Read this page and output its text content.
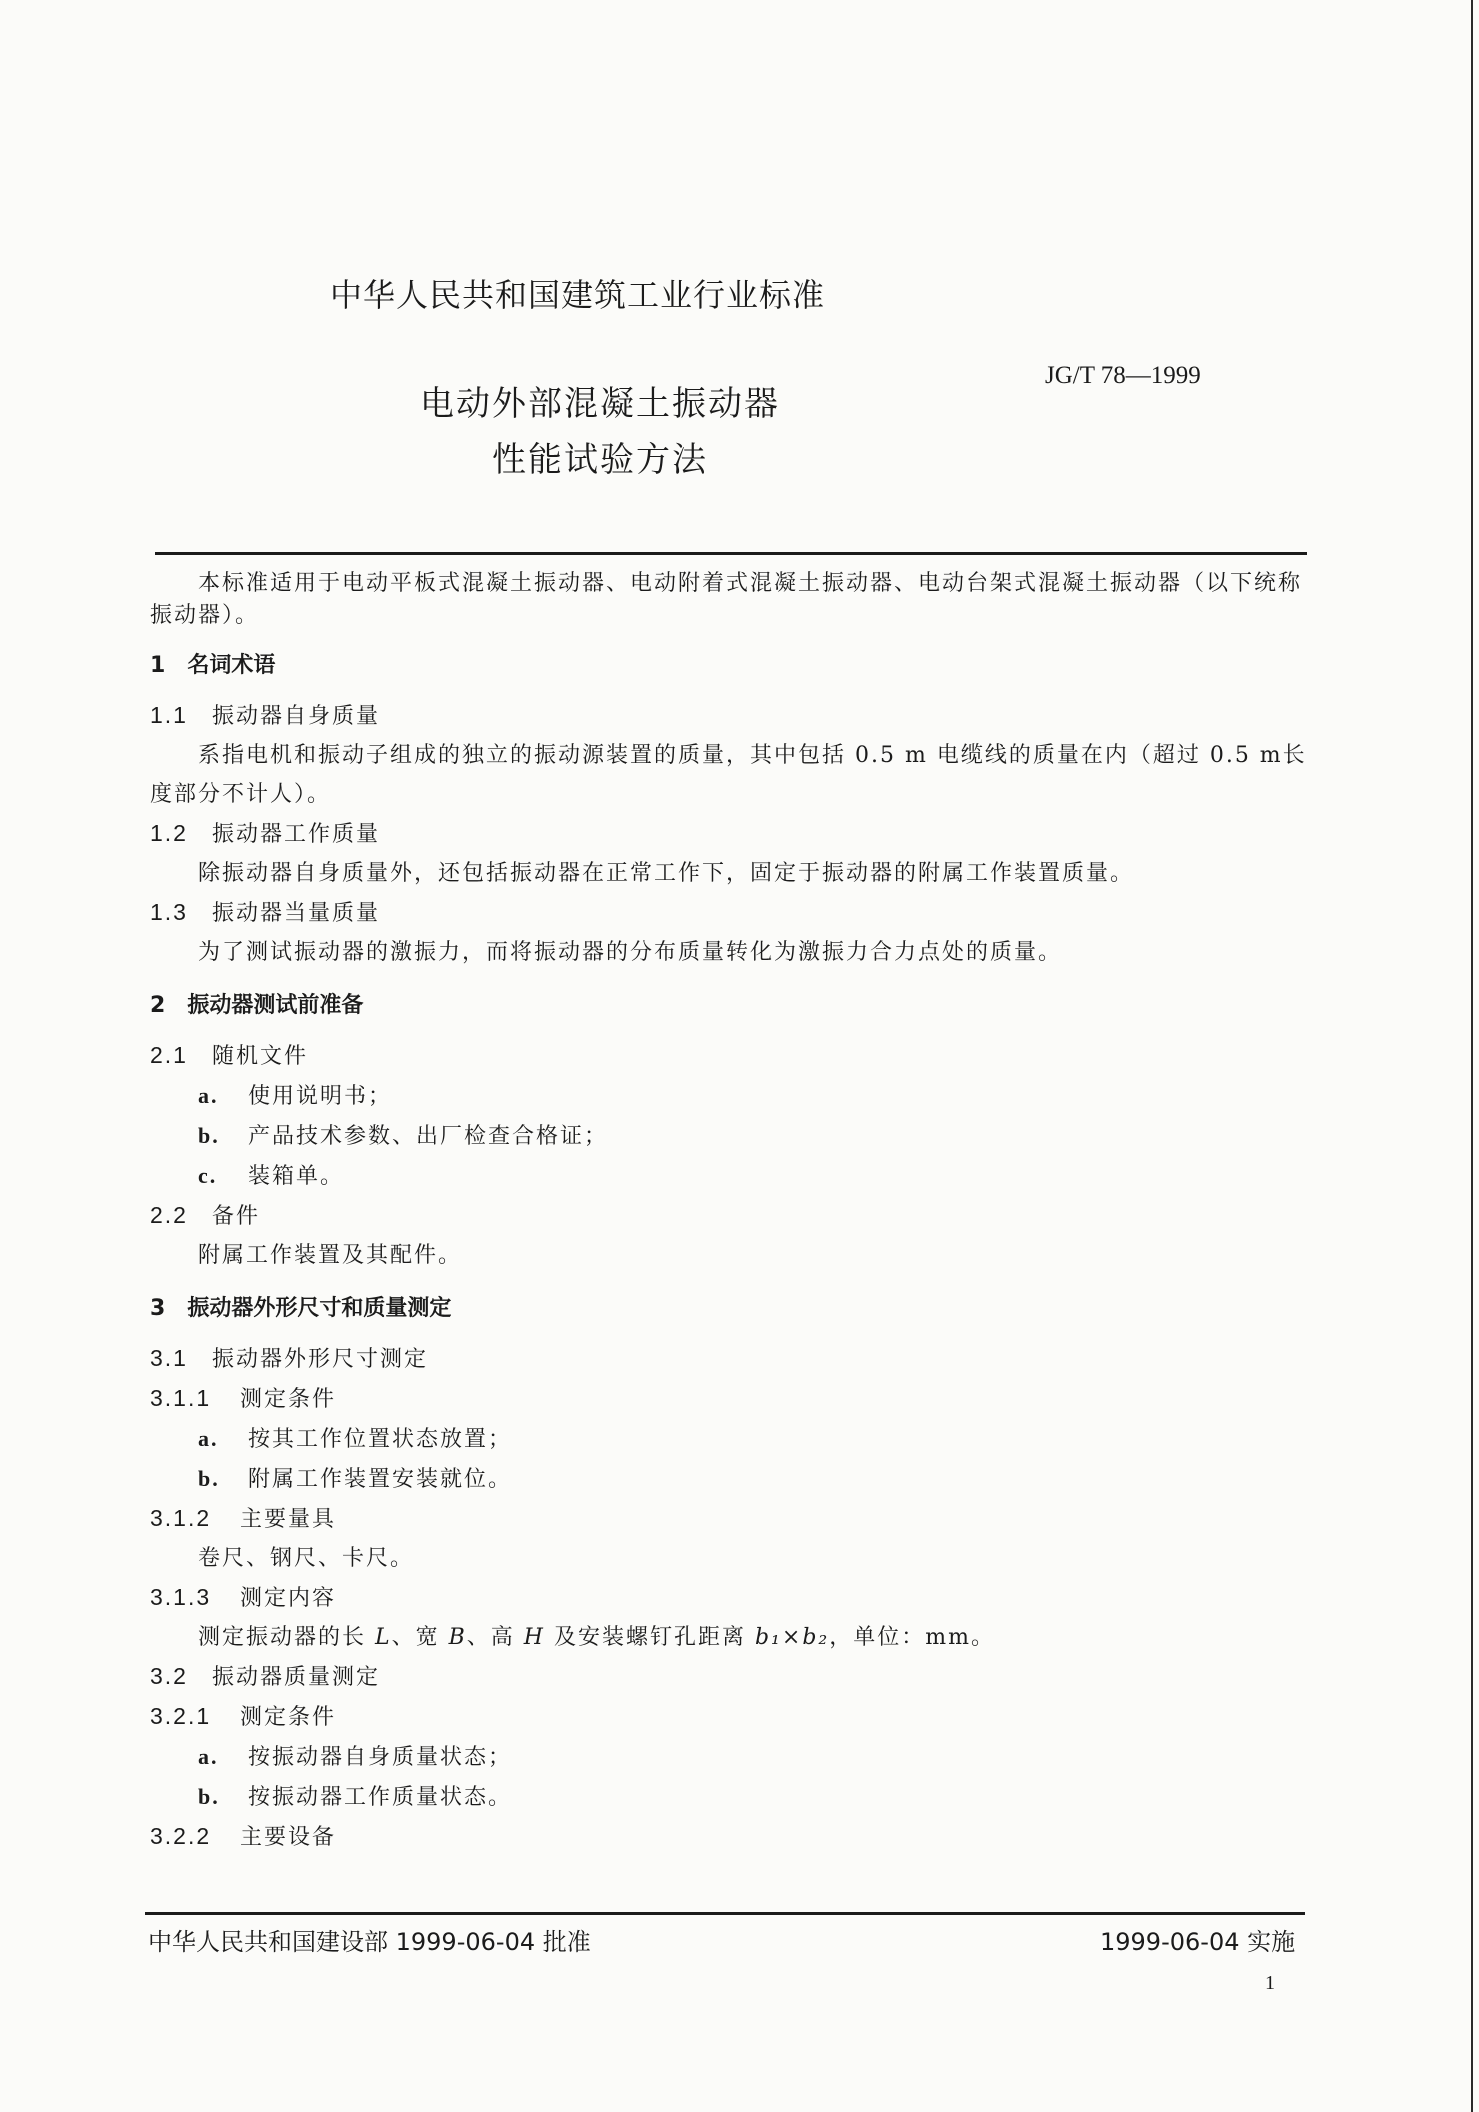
中华人民共和国建筑工业行业标准
JG/T 78—1999
电动外部混凝土振动器
性能试验方法

本标准适用于电动平板式混凝土振动器、电动附着式混凝土振动器、电动台架式混凝土振动器（以下统称振动器）。

1 名词术语

1.1 振动器自身质量

系指电机和振动子组成的独立的振动源装置的质量，其中包括 0.5 m 电缆线的质量在内（超过 0.5 m长度部分不计人）。

1.2 振动器工作质量

除振动器自身质量外，还包括振动器在正常工作下，固定于振动器的附属工作装置质量。

1.3 振动器当量质量

为了测试振动器的激振力，而将振动器的分布质量转化为激振力合力点处的质量。

2 振动器测试前准备

2.1 随机文件

a. 使用说明书；

b. 产品技术参数、出厂检查合格证；

c. 装箱单。

2.2 备件

附属工作装置及其配件。

3 振动器外形尺寸和质量测定

3.1 振动器外形尺寸测定

3.1.1 测定条件

a. 按其工作位置状态放置；

b. 附属工作装置安装就位。

3.1.2 主要量具

卷尺、钢尺、卡尺。

3.1.3 测定内容

测定振动器的长 L、宽 B、高 H 及安装螺钉孔距离 b₁×b₂，单位：mm。

3.2 振动器质量测定

3.2.1 测定条件

a. 按振动器自身质量状态；

b. 按振动器工作质量状态。

3.2.2 主要设备

中华人民共和国建设部 1999-06-04 批准	1999-06-04 实施
1
